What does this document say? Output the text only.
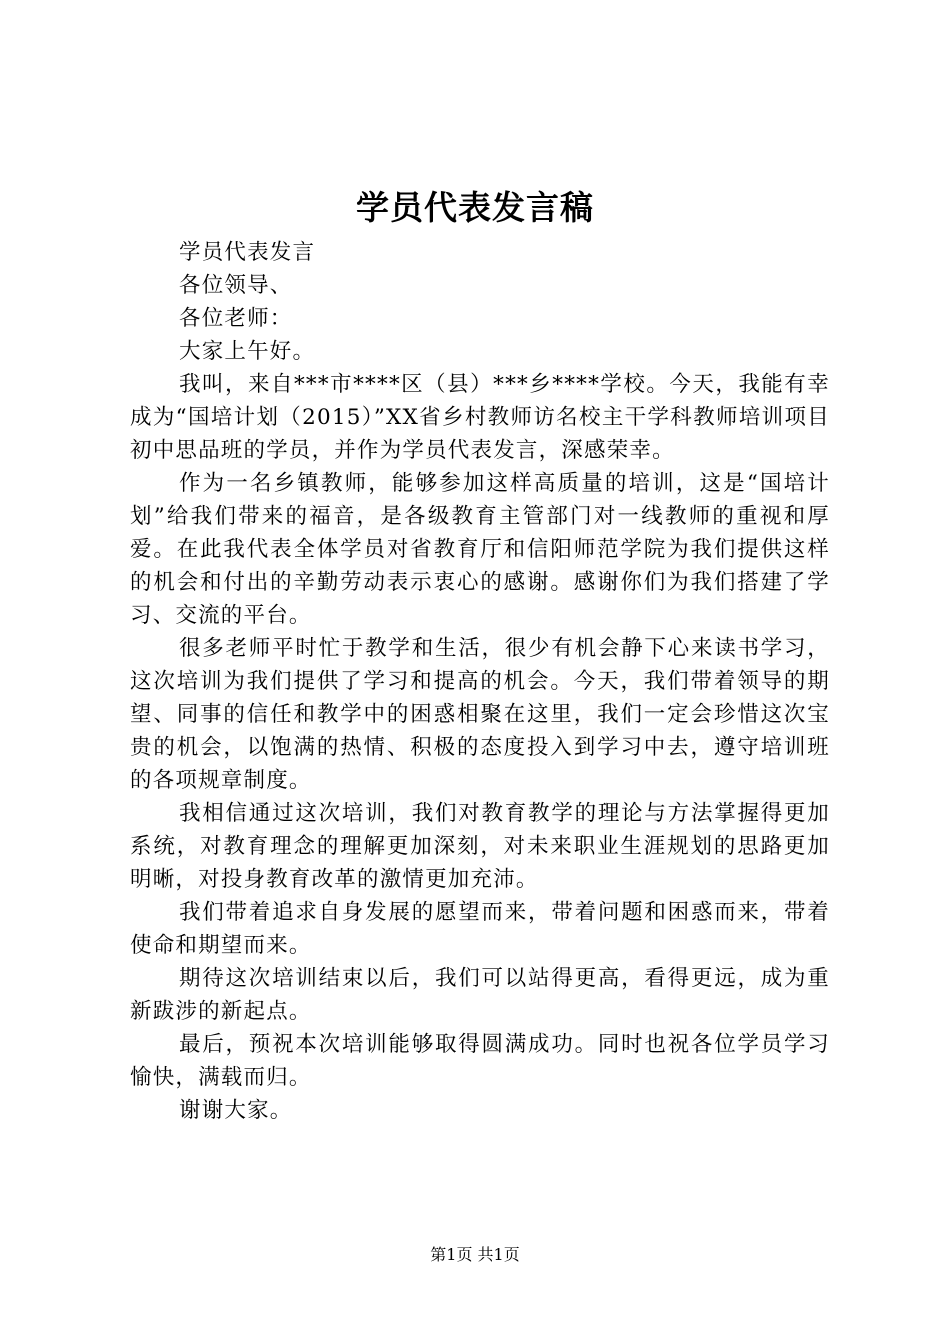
学员代表发言稿

学员代表发言

各位领导、

各位老师：

大家上午好。

我叫，来自***市****区（县）***乡****学校。今天，我能有幸成为“国培计划（2015）”XX省乡村教师访名校主干学科教师培训项目初中思品班的学员，并作为学员代表发言，深感荣幸。

作为一名乡镇教师，能够参加这样高质量的培训，这是“国培计划”给我们带来的福音，是各级教育主管部门对一线教师的重视和厚爱。在此我代表全体学员对省教育厅和信阳师范学院为我们提供这样的机会和付出的辛勤劳动表示衷心的感谢。感谢你们为我们搭建了学习、交流的平台。

很多老师平时忙于教学和生活，很少有机会静下心来读书学习，这次培训为我们提供了学习和提高的机会。今天，我们带着领导的期望、同事的信任和教学中的困惑相聚在这里，我们一定会珍惜这次宝贵的机会，以饱满的热情、积极的态度投入到学习中去，遵守培训班的各项规章制度。

我相信通过这次培训，我们对教育教学的理论与方法掌握得更加系统，对教育理念的理解更加深刻，对未来职业生涯规划的思路更加明晰，对投身教育改革的激情更加充沛。

我们带着追求自身发展的愿望而来，带着问题和困惑而来，带着使命和期望而来。

期待这次培训结束以后，我们可以站得更高，看得更远，成为重新跋涉的新起点。

最后，预祝本次培训能够取得圆满成功。同时也祝各位学员学习愉快，满载而归。

谢谢大家。

第1页 共1页
